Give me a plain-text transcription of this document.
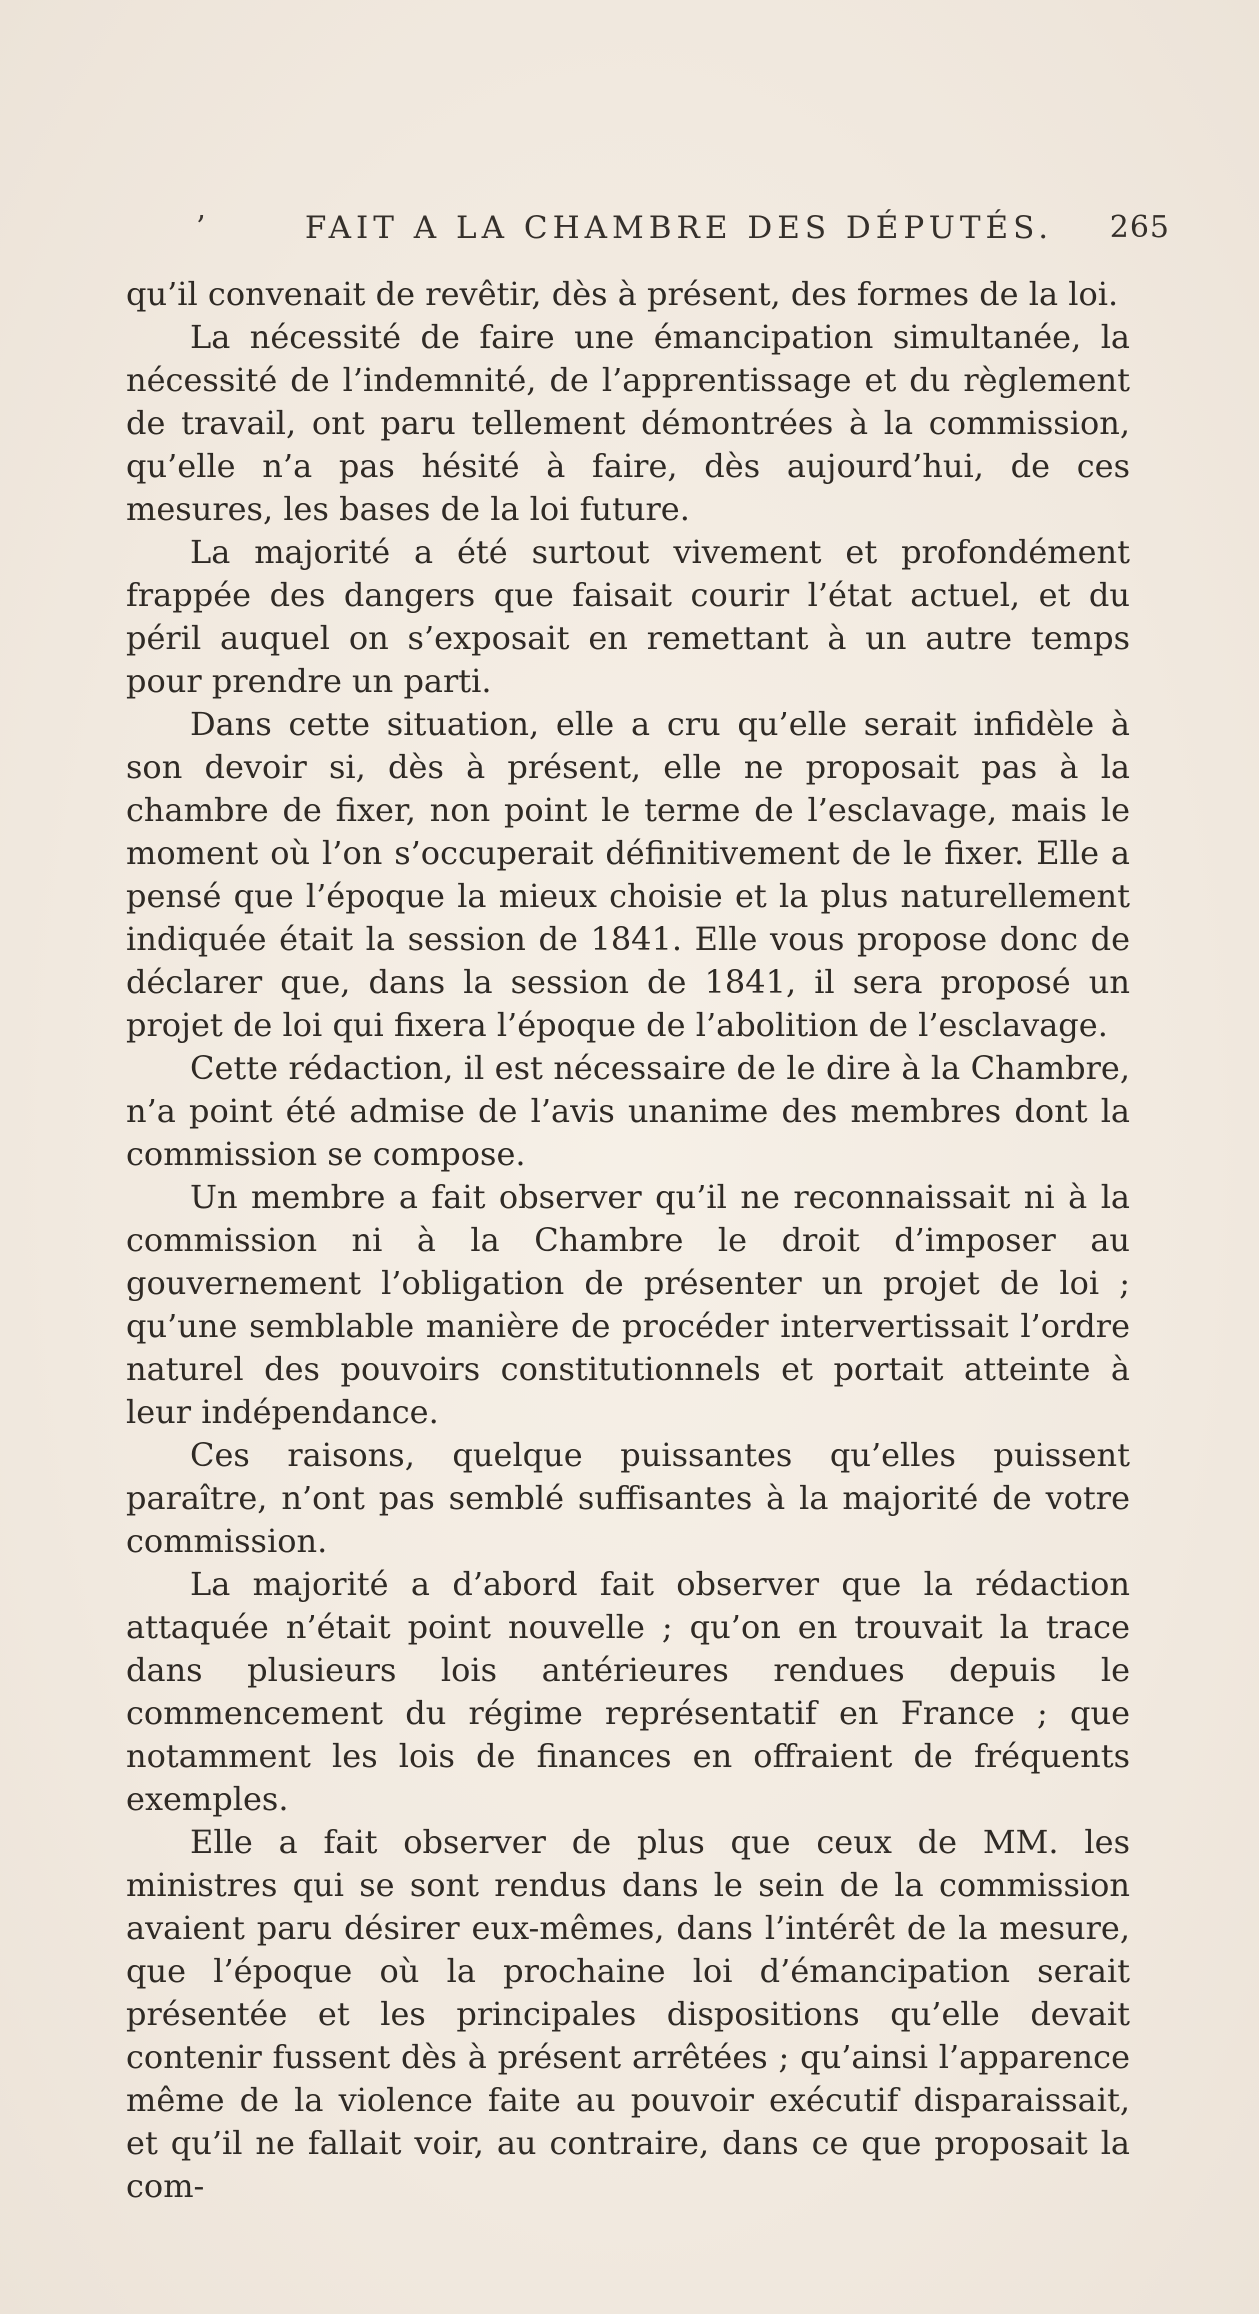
’	FAIT A LA CHAMBRE DES DÉPUTÉS.	265

qu’il convenait de revêtir, dès à présent, des formes de la loi.

La nécessité de faire une émancipation simultanée, la nécessité de l’indemnité, de l’apprentissage et du règlement de travail, ont paru tellement démontrées à la commission, qu’elle n’a pas hésité à faire, dès aujourd’hui, de ces mesures, les bases de la loi future.

La majorité a été surtout vivement et profondément frappée des dangers que faisait courir l’état actuel, et du péril auquel on s’exposait en remettant à un autre temps pour prendre un parti.

Dans cette situation, elle a cru qu’elle serait infidèle à son devoir si, dès à présent, elle ne proposait pas à la chambre de fixer, non point le terme de l’esclavage, mais le moment où l’on s’occuperait définitivement de le fixer. Elle a pensé que l’époque la mieux choisie et la plus naturellement indiquée était la session de 1841. Elle vous propose donc de déclarer que, dans la session de 1841, il sera proposé un projet de loi qui fixera l’époque de l’abolition de l’esclavage.

Cette rédaction, il est nécessaire de le dire à la Chambre, n’a point été admise de l’avis unanime des membres dont la commission se compose.

Un membre a fait observer qu’il ne reconnaissait ni à la commission ni à la Chambre le droit d’imposer au gouvernement l’obligation de présenter un projet de loi ; qu’une semblable manière de procéder intervertissait l’ordre naturel des pouvoirs constitutionnels et portait atteinte à leur indépendance.

Ces raisons, quelque puissantes qu’elles puissent paraître, n’ont pas semblé suffisantes à la majorité de votre commission.

La majorité a d’abord fait observer que la rédaction attaquée n’était point nouvelle ; qu’on en trouvait la trace dans plusieurs lois antérieures rendues depuis le commencement du régime représentatif en France ; que notamment les lois de finances en offraient de fréquents exemples.

Elle a fait observer de plus que ceux de MM. les ministres qui se sont rendus dans le sein de la commission avaient paru désirer eux-mêmes, dans l’intérêt de la mesure, que l’époque où la prochaine loi d’émancipation serait présentée et les principales dispositions qu’elle devait contenir fussent dès à présent arrêtées ; qu’ainsi l’apparence même de la violence faite au pouvoir exécutif disparaissait, et qu’il ne fallait voir, au contraire, dans ce que proposait la com-
